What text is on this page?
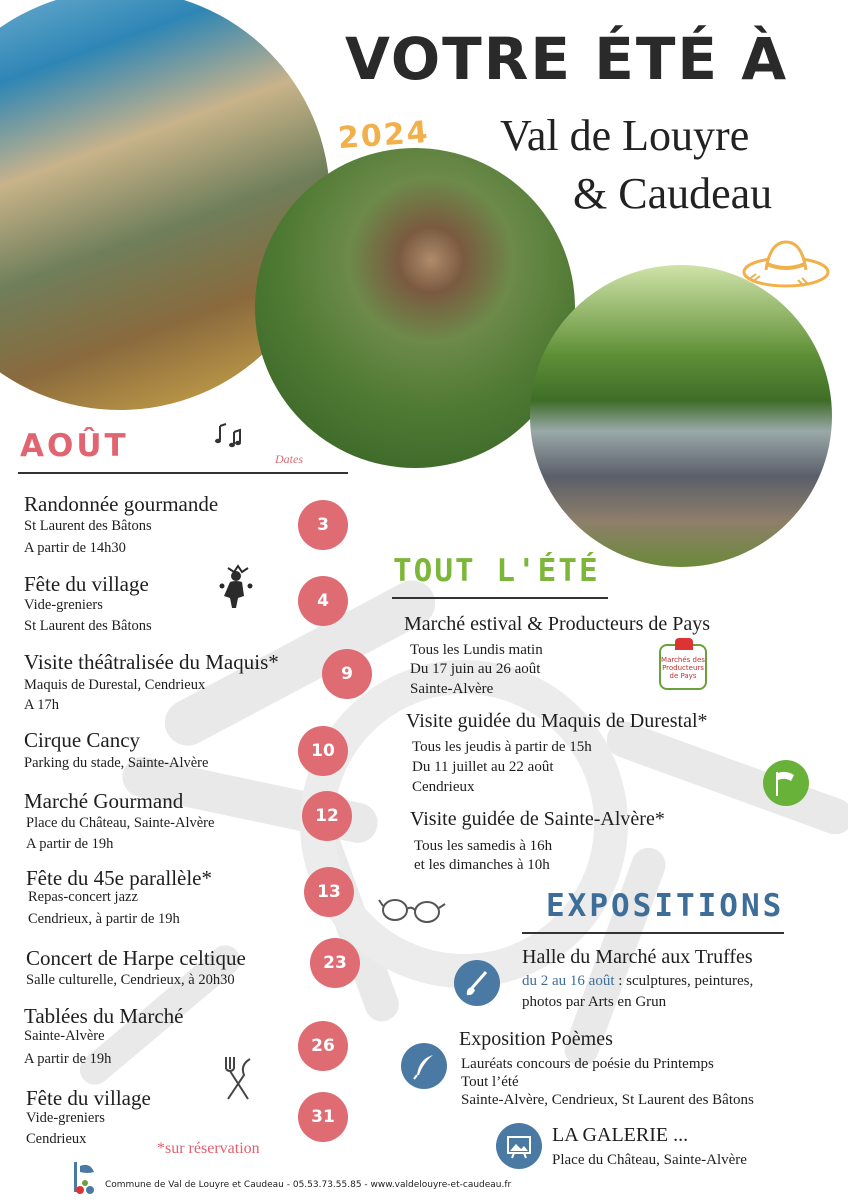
VOTRE ÉTÉ À
2024 Val de Louyre
& Caudeau
AOÛT	Dates
Randonnée gourmande
St Laurent des Bâtons
A partir de 14h30
3
Fête du village
Vide-greniers
St Laurent des Bâtons
4
Visite théâtralisée du Maquis*
Maquis de Durestal, Cendrieux
A 17h
9
Cirque Cancy
Parking du stade, Sainte-Alvère
10
Marché Gourmand
Place du Château, Sainte-Alvère
A partir de 19h
12
Fête du 45e parallèle*
Repas-concert jazz
Cendrieux, à partir de 19h
13
Concert de Harpe celtique
Salle culturelle, Cendrieux, à 20h30
23
Tablées du Marché
Sainte-Alvère
A partir de 19h
26
Fête du village
Vide-greniers
Cendrieux
31
*sur réservation
TOUT L'ÉTÉ
Marché estival & Producteurs de Pays
Tous les Lundis matin
Du 17 juin au 26 août
Sainte-Alvère
Marchés des
Producteurs
de Pays
Visite guidée du Maquis de Durestal*
Tous les jeudis à partir de 15h
Du 11 juillet au 22 août
Cendrieux
Visite guidée de Sainte-Alvère*
Tous les samedis à 16h
et les dimanches à 10h
EXPOSITIONS
Halle du Marché aux Truffes
du 2 au 16 août : sculptures, peintures,
photos par Arts en Grun
Exposition Poèmes
Lauréats concours de poésie du Printemps
Tout l’été
Sainte-Alvère, Cendrieux, St Laurent des Bâtons
LA GALERIE ...
Place du Château, Sainte-Alvère
Commune de Val de Louyre et Caudeau - 05.53.73.55.85 - www.valdelouyre-et-caudeau.fr
